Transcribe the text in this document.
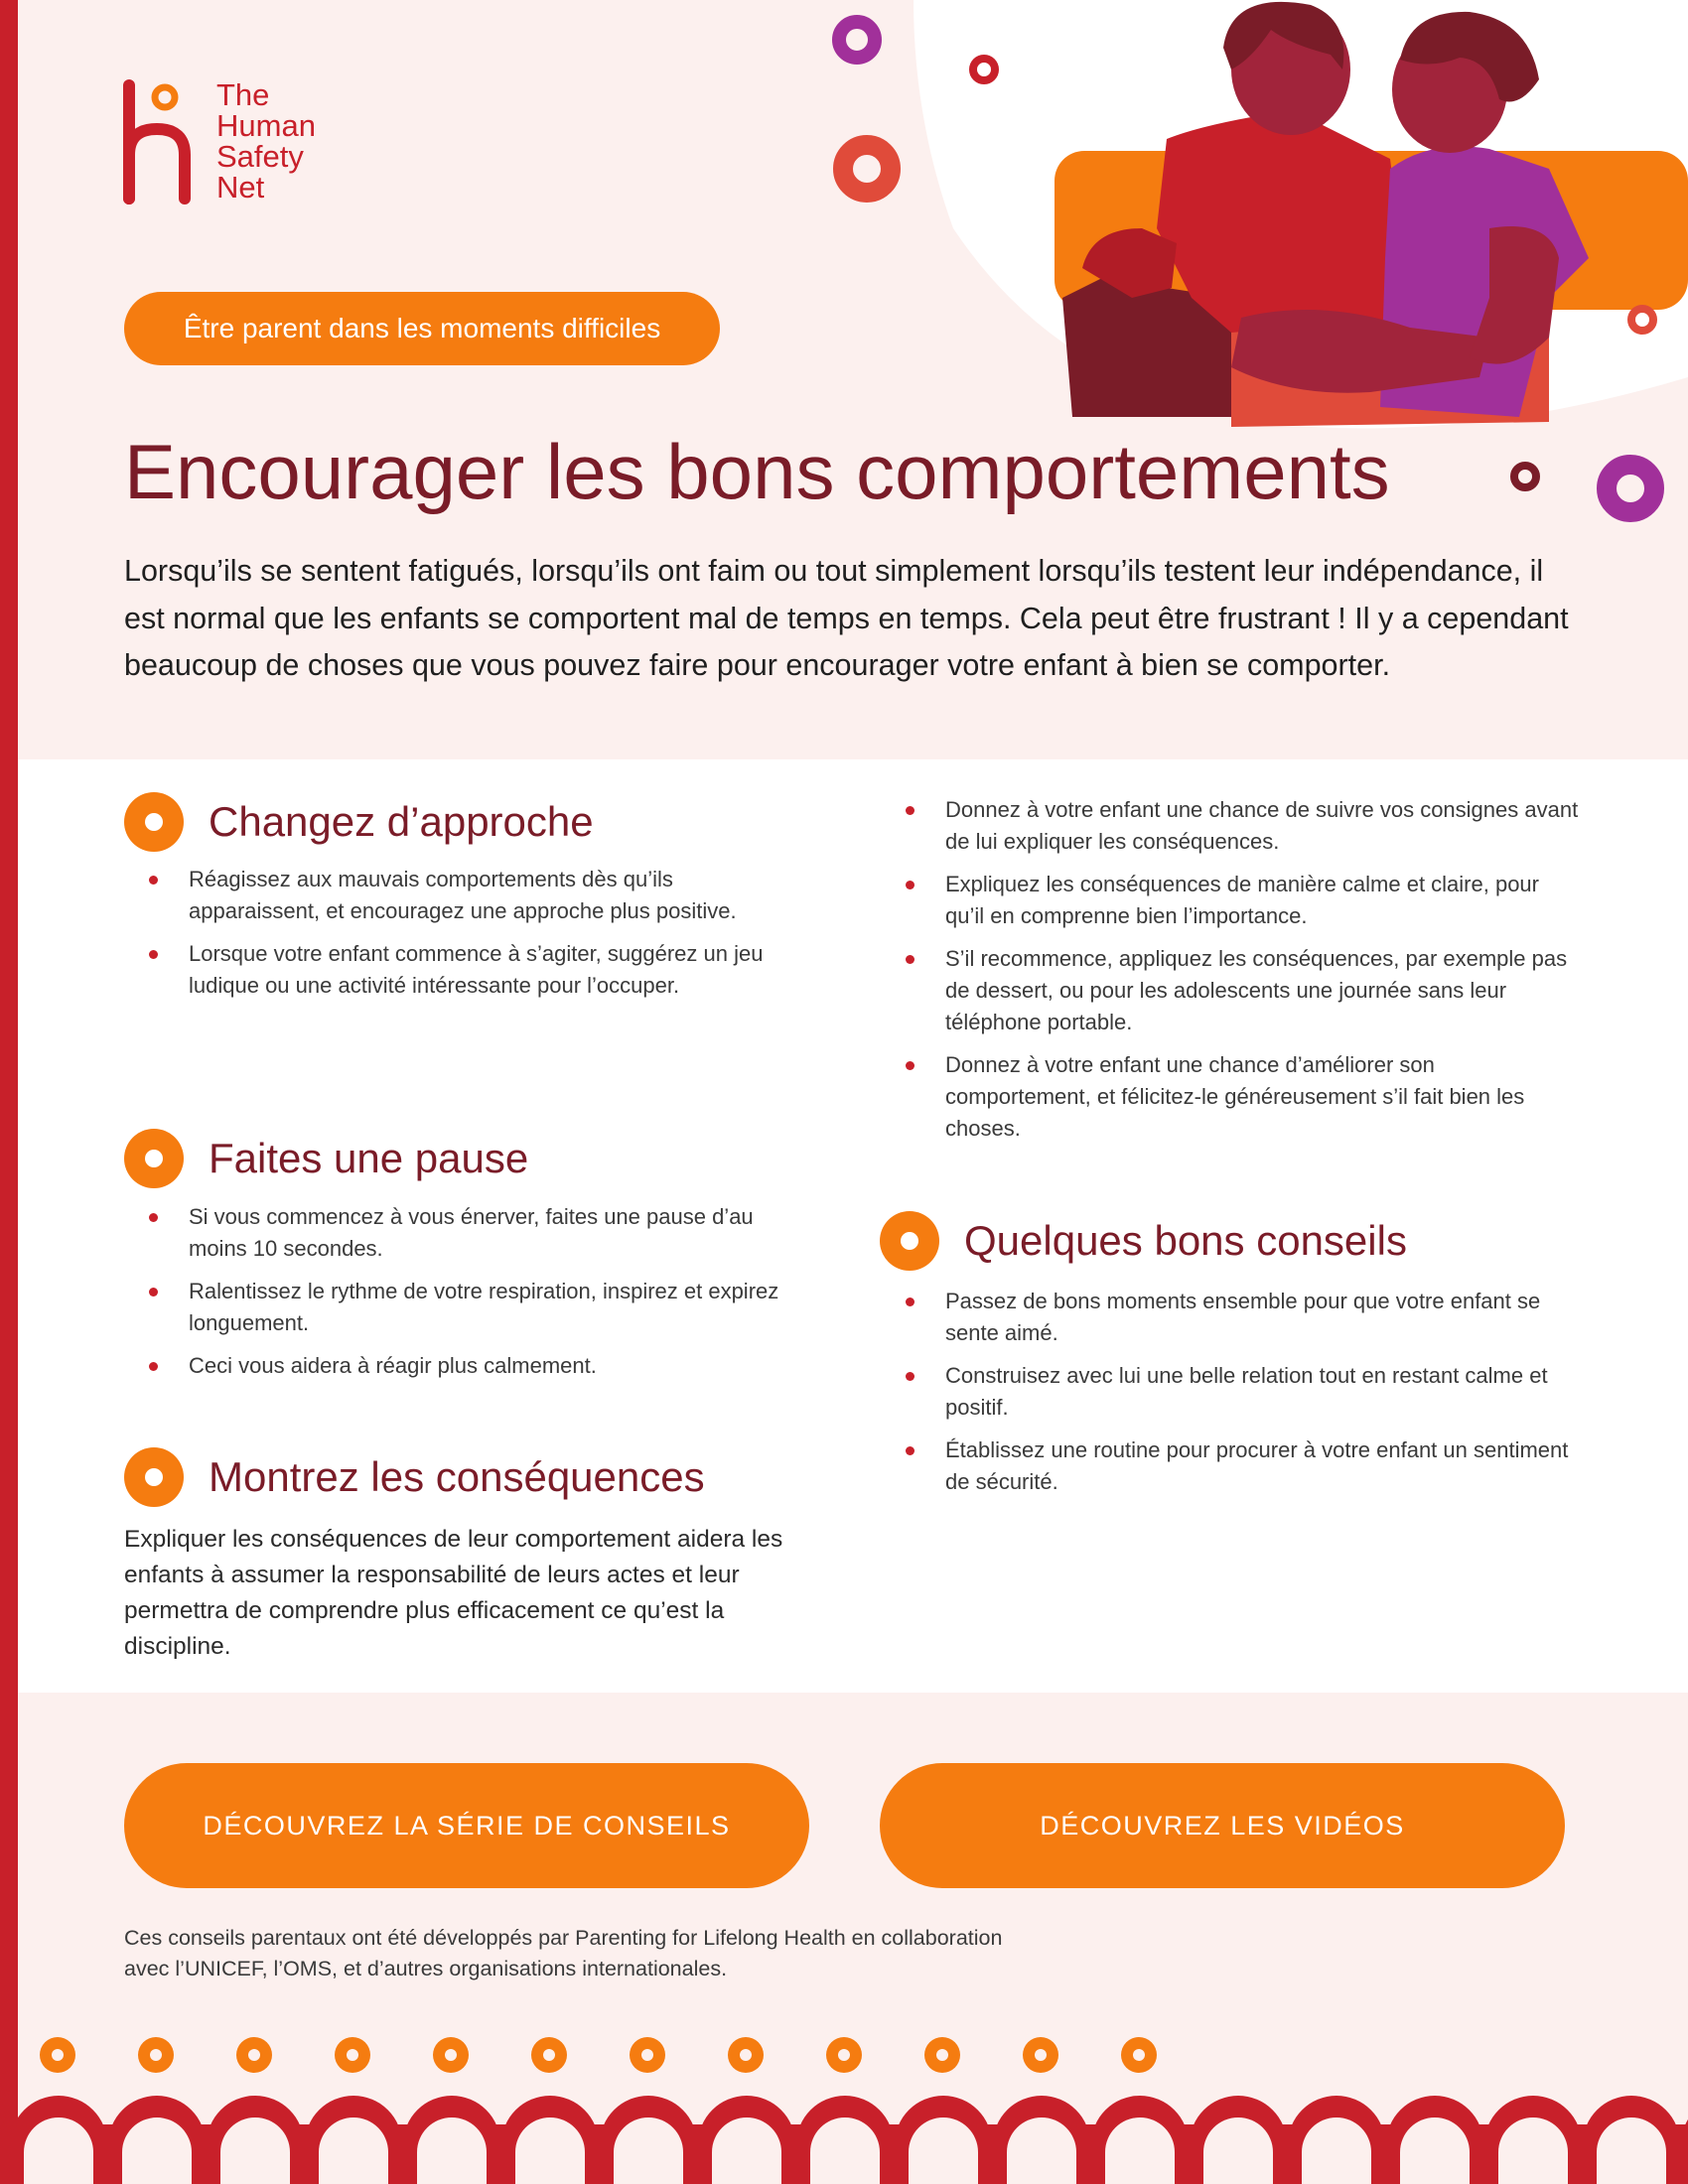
The
Human
Safety
Net
Être parent dans les moments difficiles
Encourager les bons comportements

Lorsqu’ils se sentent fatigués, lorsqu’ils ont faim ou tout simplement lorsqu’ils testent leur indépendance, il est normal que les enfants se comportent mal de temps en temps. Cela peut être frustrant ! Il y a cependant beaucoup de choses que vous pouvez faire pour encourager votre enfant à bien se comporter.

Changez d’approche
Réagissez aux mauvais comportements dès qu’ils apparaissent, et encouragez une approche plus positive.
Lorsque votre enfant commence à s’agiter, suggérez un jeu ludique ou une activité intéressante pour l’occuper.
Faites une pause
Si vous commencez à vous énerver, faites une pause d’au moins 10 secondes.
Ralentissez le rythme de votre respiration, inspirez et expirez longuement.
Ceci vous aidera à réagir plus calmement.
Montrez les conséquences

Expliquer les conséquences de leur comportement aidera les enfants à assumer la responsabilité de leurs actes et leur permettra de comprendre plus efficacement ce qu’est la discipline.

Donnez à votre enfant une chance de suivre vos consignes avant de lui expliquer les conséquences.
Expliquez les conséquences de manière calme et claire, pour qu’il en comprenne bien l’importance.
S’il recommence, appliquez les conséquences, par exemple pas de dessert, ou pour les adolescents une journée sans leur téléphone portable.
Donnez à votre enfant une chance d’améliorer son comportement, et félicitez-le généreusement s’il fait bien les choses.
Quelques bons conseils
Passez de bons moments ensemble pour que votre enfant se sente aimé.
Construisez avec lui une belle relation tout en restant calme et positif.
Établissez une routine pour procurer à votre enfant un sentiment de sécurité.
DÉCOUVREZ LA SÉRIE DE CONSEILS	DÉCOUVREZ LES VIDÉOS

Ces conseils parentaux ont été développés par Parenting for Lifelong Health en collaboration
avec l’UNICEF, l’OMS, et d’autres organisations internationales.
